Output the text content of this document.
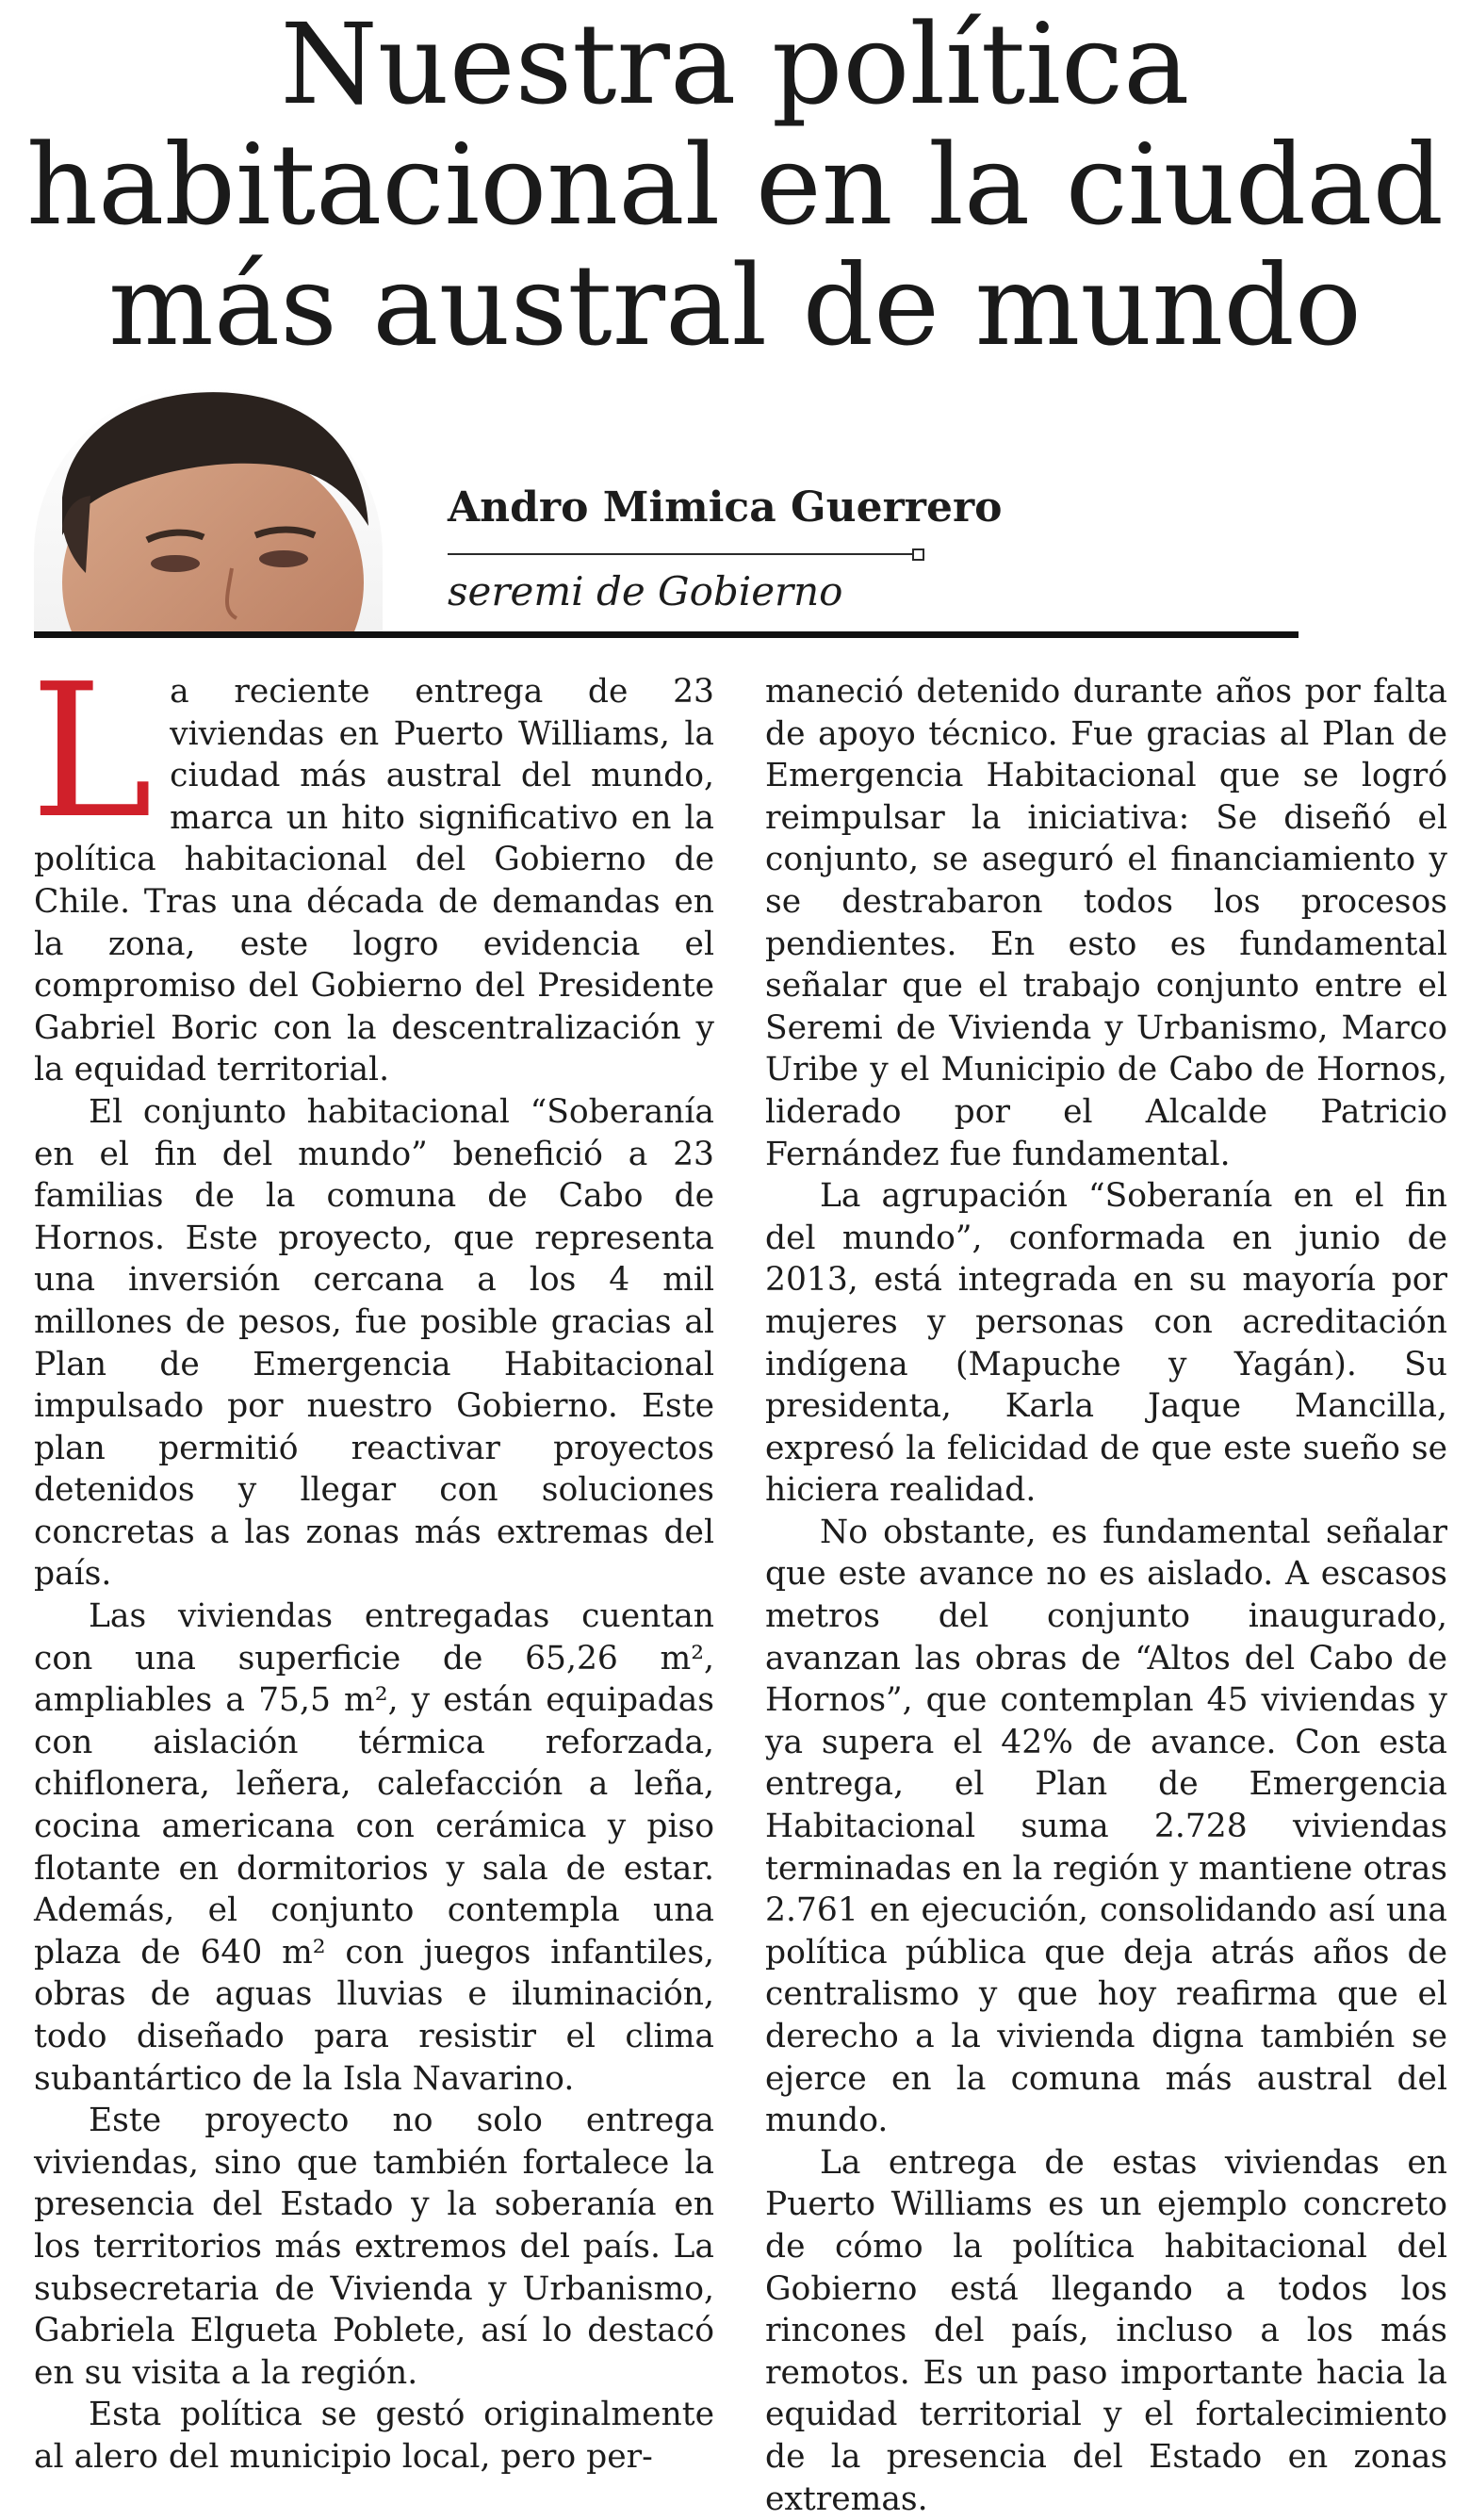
Nuestra política
habitacional en la ciudad
más austral de mundo
Andro Mimica Guerrero
seremi de Gobierno

La reciente entrega de 23 viviendas en Puerto Williams, la ciudad más austral del mundo, marca un hito significativo en la política habitacional del Gobierno de Chile. Tras una década de demandas en la zona, este logro evidencia el compromiso del Gobierno del Presidente Gabriel Boric con la descentralización y la equidad territorial.

El conjunto habitacional “Soberanía en el fin del mundo” benefició a 23 familias de la comuna de Cabo de Hornos. Este proyecto, que representa una inversión cercana a los 4 mil millones de pesos, fue posible gracias al Plan de Emergencia Habitacional impulsado por nuestro Gobierno. Este plan permitió reactivar proyectos detenidos y llegar con soluciones concretas a las zonas más extremas del país.

Las viviendas entregadas cuentan con una superficie de 65,26 m², ampliables a 75,5 m², y están equipadas con aislación térmica reforzada, chiflonera, leñera, calefacción a leña, cocina americana con cerámica y piso flotante en dormitorios y sala de estar. Además, el conjunto contempla una plaza de 640 m² con juegos infantiles, obras de aguas lluvias e iluminación, todo diseñado para resistir el clima subantártico de la Isla Navarino.

Este proyecto no solo entrega viviendas, sino que también fortalece la presencia del Estado y la soberanía en los territorios más extremos del país. La subsecretaria de Vivienda y Urbanismo, Gabriela Elgueta Poblete, así lo destacó en su visita a la región.

Esta política se gestó originalmente al alero del municipio local, pero per-

maneció detenido durante años por falta de apoyo técnico. Fue gracias al Plan de Emergencia Habitacional que se logró reimpulsar la iniciativa: Se diseñó el conjunto, se aseguró el financiamiento y se destrabaron todos los procesos pendientes. En esto es fundamental señalar que el trabajo conjunto entre el Seremi de Vivienda y Urbanismo, Marco Uribe y el Municipio de Cabo de Hornos, liderado por el Alcalde Patricio Fernández fue fundamental.

La agrupación “Soberanía en el fin del mundo”, conformada en junio de 2013, está integrada en su mayoría por mujeres y personas con acreditación indígena (Mapuche y Yagán). Su presidenta, Karla Jaque Mancilla, expresó la felicidad de que este sueño se hiciera realidad.

No obstante, es fundamental señalar que este avance no es aislado. A escasos metros del conjunto inaugurado, avanzan las obras de “Altos del Cabo de Hornos”, que contemplan 45 viviendas y ya supera el 42% de avance. Con esta entrega, el Plan de Emergencia Habitacional suma 2.728 viviendas terminadas en la región y mantiene otras 2.761 en ejecución, consolidando así una política pública que deja atrás años de centralismo y que hoy reafirma que el derecho a la vivienda digna también se ejerce en la comuna más austral del mundo.

La entrega de estas viviendas en Puerto Williams es un ejemplo concreto de cómo la política habitacional del Gobierno está llegando a todos los rincones del país, incluso a los más remotos. Es un paso importante hacia la equidad territorial y el fortalecimiento de la presencia del Estado en zonas extremas.
